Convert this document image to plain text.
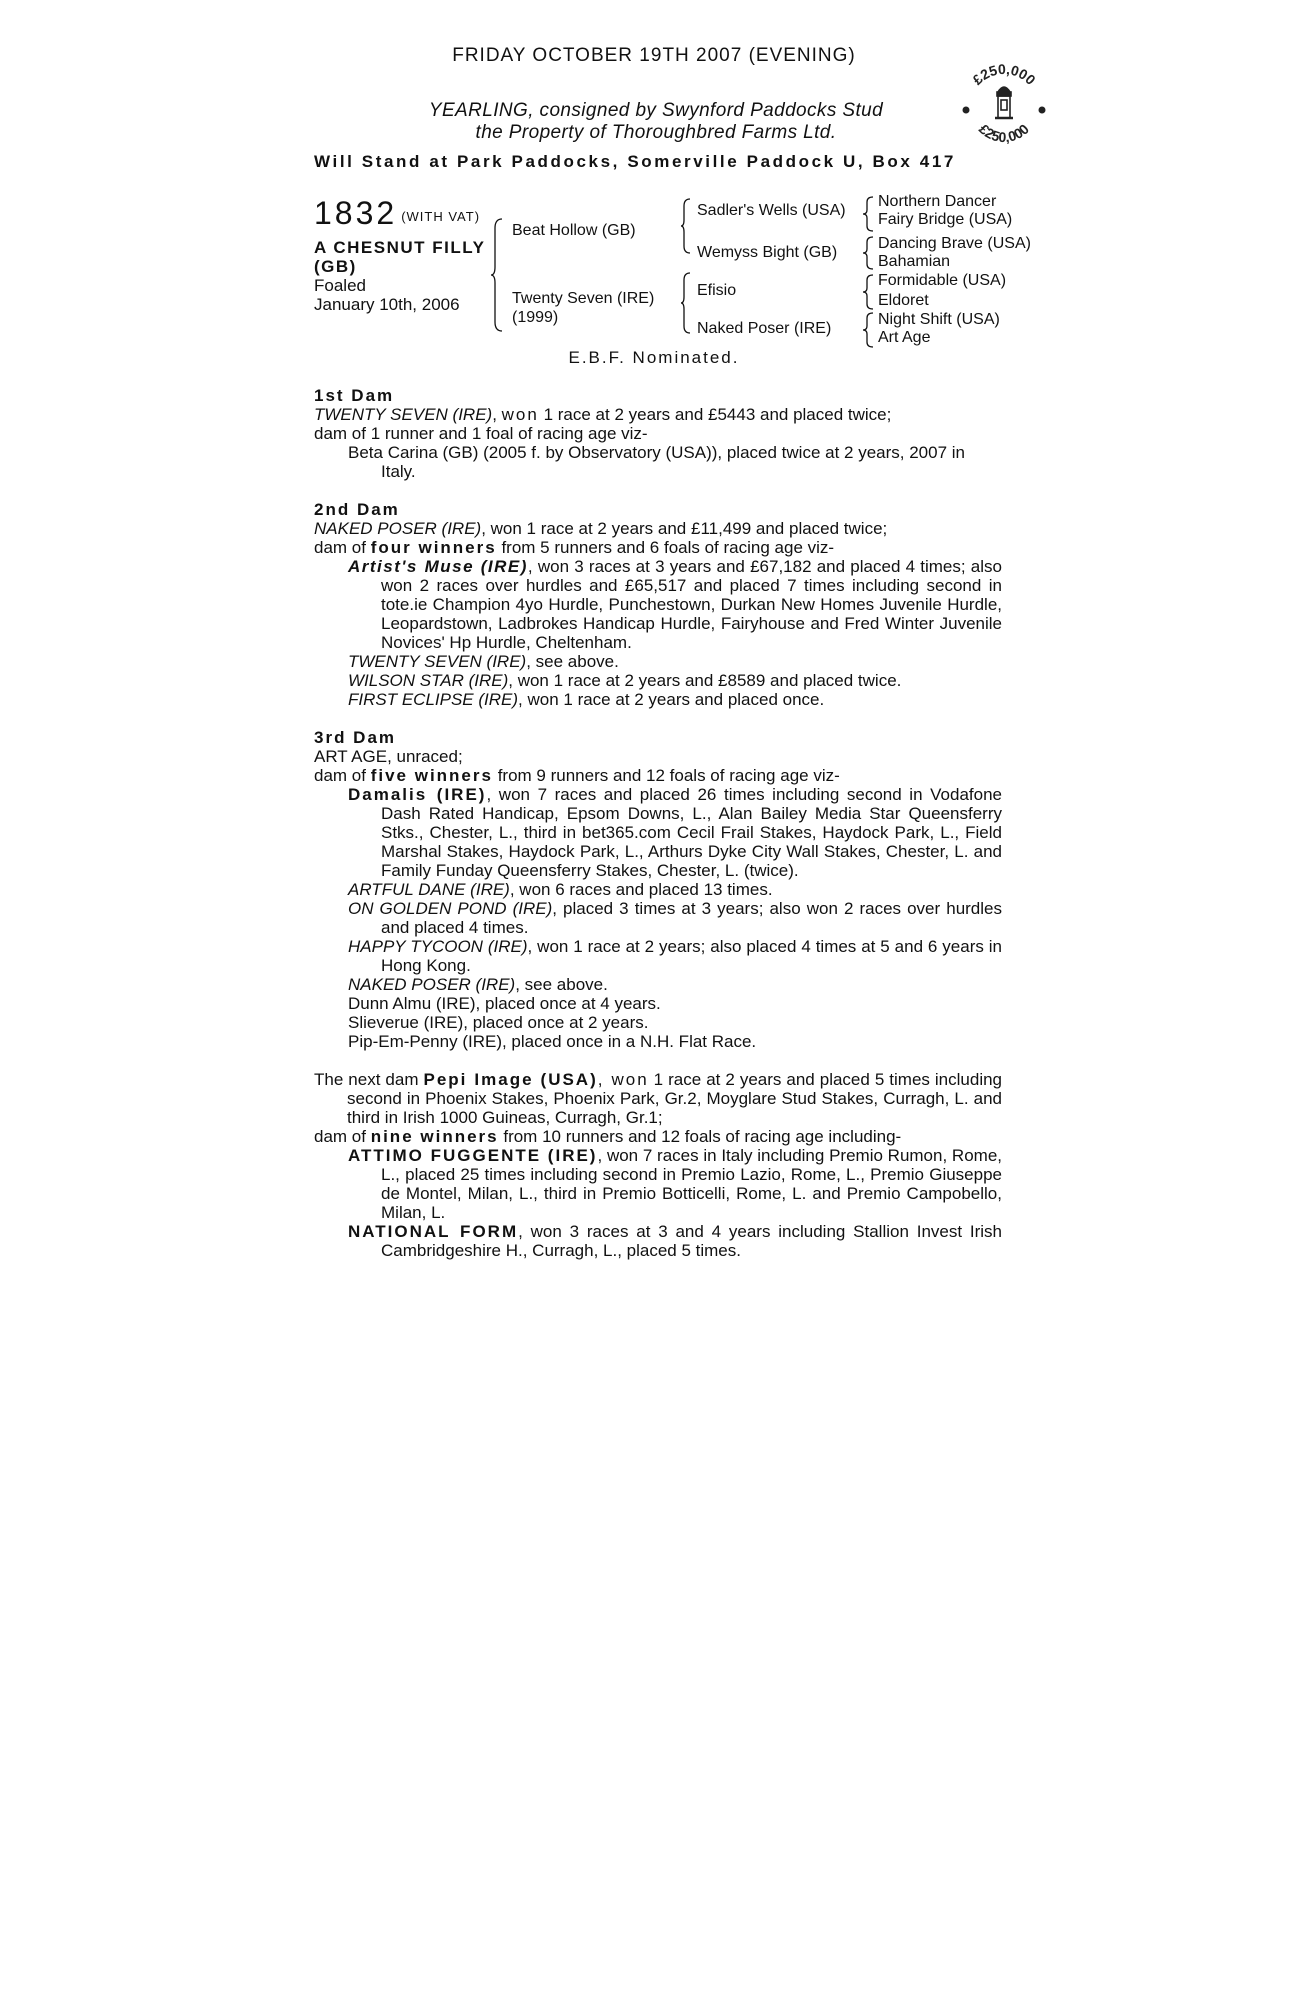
FRIDAY OCTOBER 19TH 2007 (EVENING)
YEARLING, consigned by Swynford Paddocks Stud
the Property of Thoroughbred Farms Ltd.
Will Stand at Park Paddocks, Somerville Paddock U, Box 417
£250,000
£250,000
1832 (WITH VAT)
A CHESNUT FILLY
(GB)
Foaled
January 10th, 2006
Beat Hollow (GB)
Twenty Seven (IRE)
(1999)
Sadler's Wells (USA)
Wemyss Bight (GB)
Efisio
Naked Poser (IRE)
Northern Dancer
Fairy Bridge (USA)
Dancing Brave (USA)
Bahamian
Formidable (USA)
Eldoret
Night Shift (USA)
Art Age
E.B.F. Nominated.
1st Dam
TWENTY SEVEN (IRE), won 1 race at 2 years and £5443 and placed twice;
dam of 1 runner and 1 foal of racing age viz-
Beta Carina (GB) (2005 f. by Observatory (USA)), placed twice at 2 years, 2007 in
Italy.
2nd Dam
NAKED POSER (IRE), won 1 race at 2 years and £11,499 and placed twice;
dam of four winners from 5 runners and 6 foals of racing age viz-
Artist's Muse (IRE), won 3 races at 3 years and £67,182 and placed 4 times; also won 2 races over hurdles and £65,517 and placed 7 times including second in tote.ie Champion 4yo Hurdle, Punchestown, Durkan New Homes Juvenile Hurdle, Leopardstown, Ladbrokes Handicap Hurdle, Fairyhouse and Fred Winter Juvenile Novices' Hp Hurdle, Cheltenham.
TWENTY SEVEN (IRE), see above.
WILSON STAR (IRE), won 1 race at 2 years and £8589 and placed twice.
FIRST ECLIPSE (IRE), won 1 race at 2 years and placed once.
3rd Dam
ART AGE, unraced;
dam of five winners from 9 runners and 12 foals of racing age viz-
Damalis (IRE), won 7 races and placed 26 times including second in Vodafone Dash Rated Handicap, Epsom Downs, L., Alan Bailey Media Star Queensferry Stks., Chester, L., third in bet365.com Cecil Frail Stakes, Haydock Park, L., Field Marshal Stakes, Haydock Park, L., Arthurs Dyke City Wall Stakes, Chester, L. and Family Funday Queensferry Stakes, Chester, L. (twice).
ARTFUL DANE (IRE), won 6 races and placed 13 times.
ON GOLDEN POND (IRE), placed 3 times at 3 years; also won 2 races over hurdles and placed 4 times.
HAPPY TYCOON (IRE), won 1 race at 2 years; also placed 4 times at 5 and 6 years in Hong Kong.
NAKED POSER (IRE), see above.
Dunn Almu (IRE), placed once at 4 years.
Slieverue (IRE), placed once at 2 years.
Pip-Em-Penny (IRE), placed once in a N.H. Flat Race.
The next dam Pepi Image (USA), won 1 race at 2 years and placed 5 times including second in Phoenix Stakes, Phoenix Park, Gr.2, Moyglare Stud Stakes, Curragh, L. and third in Irish 1000 Guineas, Curragh, Gr.1;
dam of nine winners from 10 runners and 12 foals of racing age including-
ATTIMO FUGGENTE (IRE), won 7 races in Italy including Premio Rumon, Rome, L., placed 25 times including second in Premio Lazio, Rome, L., Premio Giuseppe de Montel, Milan, L., third in Premio Botticelli, Rome, L. and Premio Campobello, Milan, L.
NATIONAL FORM, won 3 races at 3 and 4 years including Stallion Invest Irish Cambridgeshire H., Curragh, L., placed 5 times.
